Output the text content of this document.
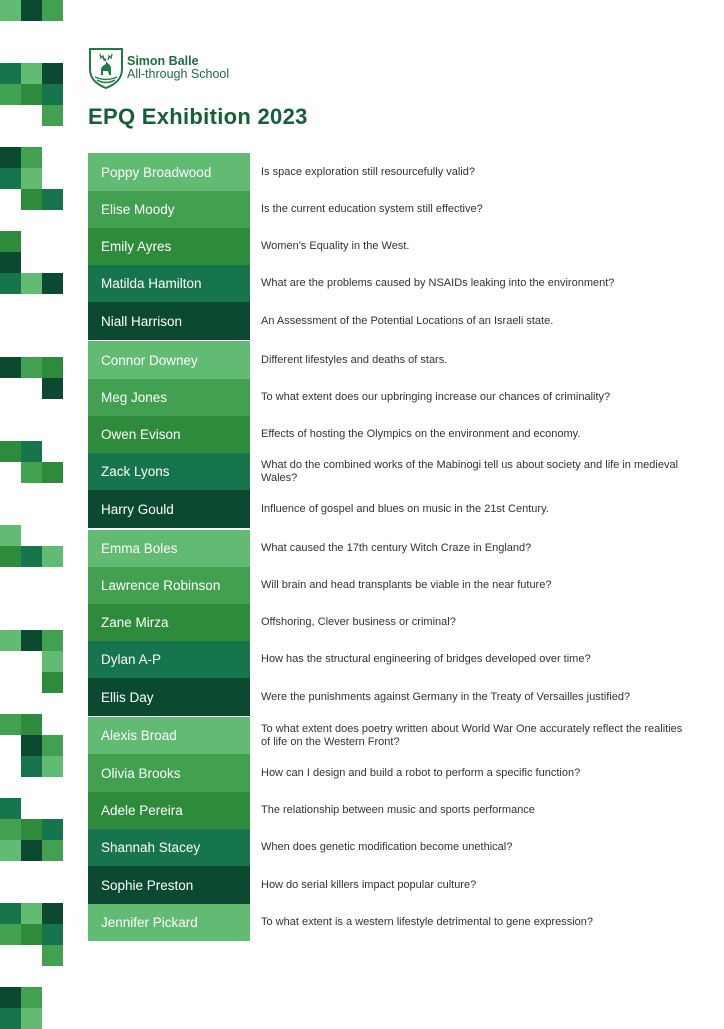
Simon Balle
All-through School
EPQ Exhibition 2023
Poppy Broadwood	Is space exploration still resourcefully valid?
Elise Moody	Is the current education system still effective?
Emily Ayres	Women's Equality in the West.
Matilda Hamilton	What are the problems caused by NSAIDs leaking into the environment?
Niall Harrison	An Assessment of the Potential Locations of an Israeli state.
Connor Downey	Different lifestyles and deaths of stars.
Meg Jones	To what extent does our upbringing increase our chances of criminality?
Owen Evison	Effects of hosting the Olympics on the environment and economy.
Zack Lyons	What do the combined works of the Mabinogi tell us about society and life in medieval Wales?
Harry Gould	Influence of gospel and blues on music in the 21st Century.
Emma Boles	What caused the 17th century Witch Craze in England?
Lawrence Robinson	Will brain and head transplants be viable in the near future?
Zane Mirza	Offshoring, Clever business or criminal?
Dylan A-P	How has the structural engineering of bridges developed over time?
Ellis Day	Were the punishments against Germany in the Treaty of Versailles justified?
Alexis Broad	To what extent does poetry written about World War One accurately reflect the realities of life on the Western Front?
Olivia Brooks	How can I design and build a robot to perform a specific function?
Adele Pereira	The relationship between music and sports performance
Shannah Stacey	When does genetic modification become unethical?
Sophie Preston	How do serial killers impact popular culture?
Jennifer Pickard	To what extent is a western lifestyle detrimental to gene expression?
